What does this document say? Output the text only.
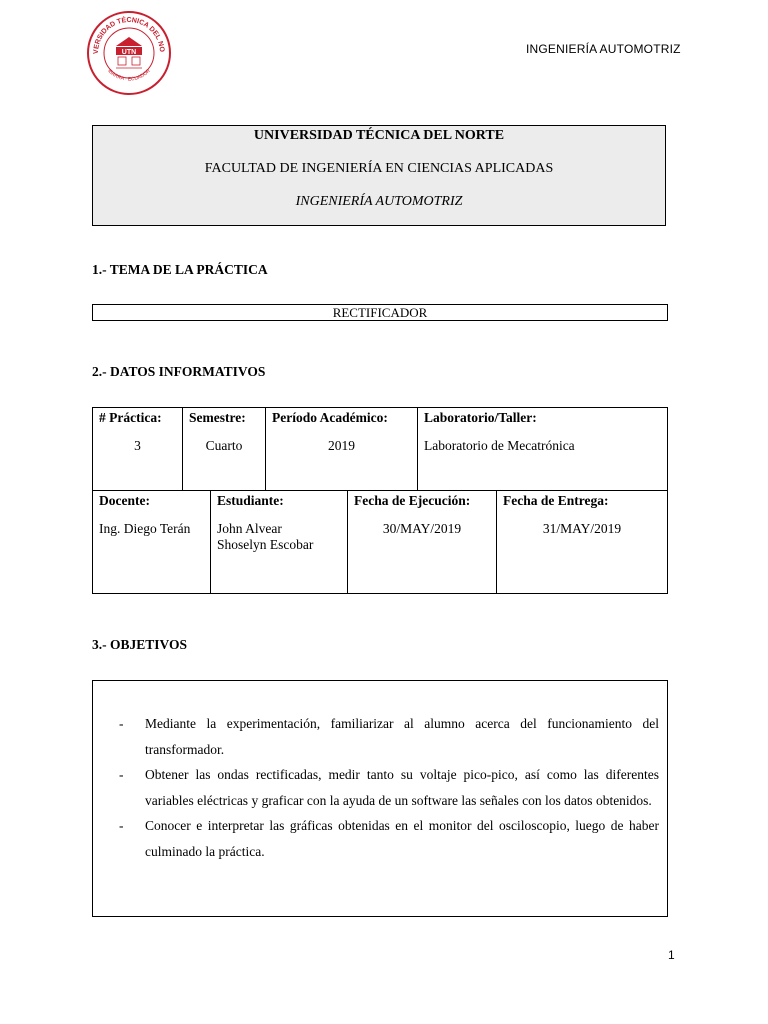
VERSIDAD TÉCNICA DEL NO
IBARRA · ECUADOR
UTN	INGENIERÍA AUTOMOTRIZ
UNIVERSIDAD TÉCNICA DEL NORTE
FACULTAD DE INGENIERÍA EN CIENCIAS APLICADAS
INGENIERÍA AUTOMOTRIZ
1.- TEMA DE LA PRÁCTICA
RECTIFICADOR
2.- DATOS INFORMATIVOS
# Práctica:
3

Semestre:
Cuarto

Período Académico:
2019

Laboratorio/Taller:
Laboratorio de Mecatrónica
Docente:
Ing. Diego Terán

Estudiante:
John Alvear
Shoselyn Escobar

Fecha de Ejecución:
30/MAY/2019

Fecha de Entrega:
31/MAY/2019
3.- OBJETIVOS
- Mediante la experimentación, familiarizar al alumno acerca del funcionamiento del transformador.
- Obtener las ondas rectificadas, medir tanto su voltaje pico-pico, así como las diferentes variables eléctricas y graficar con la ayuda de un software las señales con los datos obtenidos.
- Conocer e interpretar las gráficas obtenidas en el monitor del osciloscopio, luego de haber culminado la práctica.
1
